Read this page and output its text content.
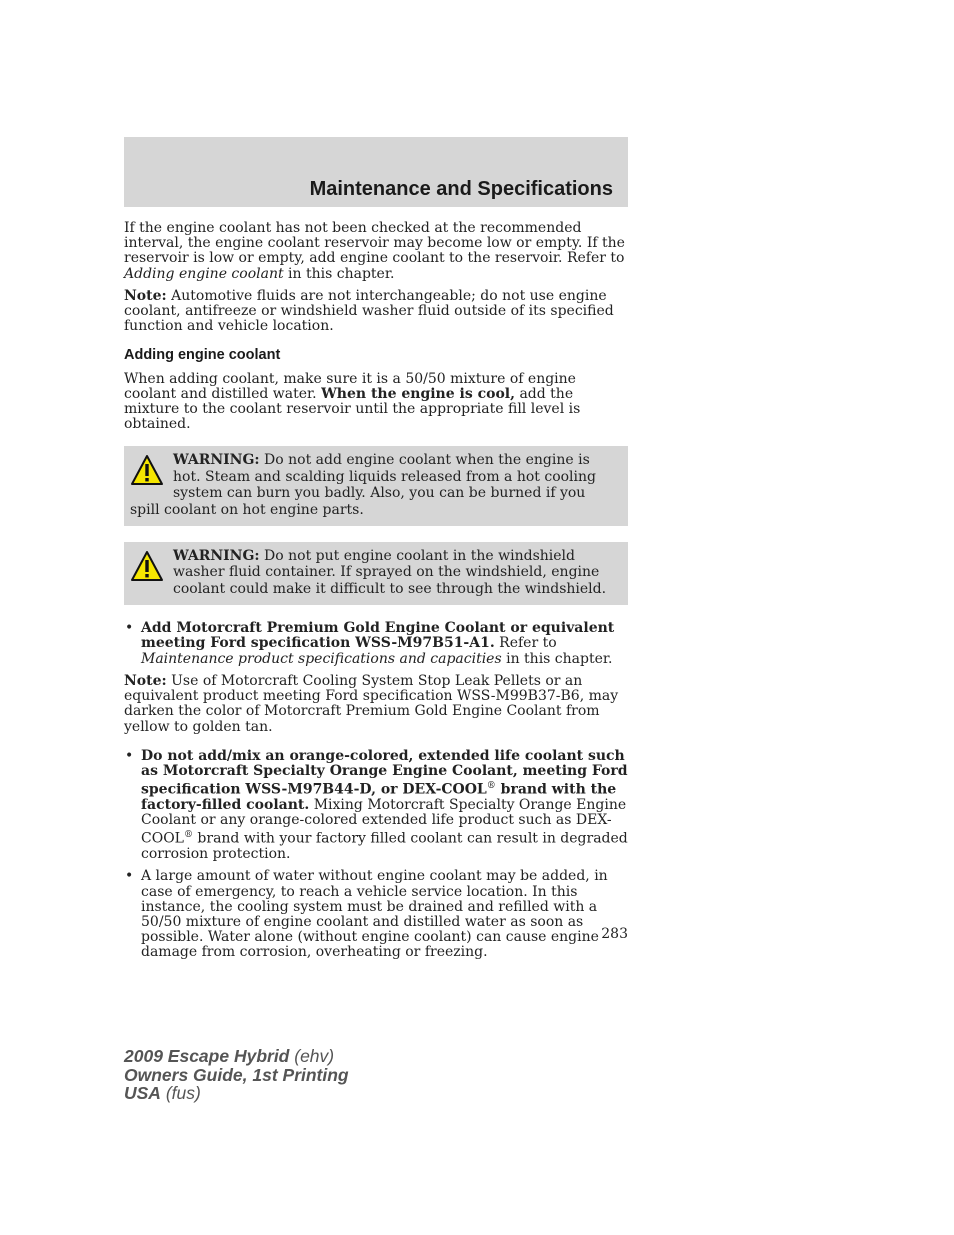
Maintenance and Specifications

If the engine coolant has not been checked at the recommended interval, the engine coolant reservoir may become low or empty. If the reservoir is low or empty, add engine coolant to the reservoir. Refer to Adding engine coolant in this chapter.

Note: Automotive fluids are not interchangeable; do not use engine coolant, antifreeze or windshield washer fluid outside of its specified function and vehicle location.

Adding engine coolant

When adding coolant, make sure it is a 50/50 mixture of engine coolant and distilled water. When the engine is cool, add the mixture to the coolant reservoir until the appropriate fill level is obtained.

WARNING: Do not add engine coolant when the engine is hot. Steam and scalding liquids released from a hot cooling system can burn you badly. Also, you can be burned if you spill coolant on hot engine parts.
WARNING: Do not put engine coolant in the windshield washer fluid container. If sprayed on the windshield, engine coolant could make it difficult to see through the windshield.
• Add Motorcraft Premium Gold Engine Coolant or equivalent meeting Ford specification WSS-M97B51-A1. Refer to Maintenance product specifications and capacities in this chapter.

Note: Use of Motorcraft Cooling System Stop Leak Pellets or an equivalent product meeting Ford specification WSS-M99B37-B6, may darken the color of Motorcraft Premium Gold Engine Coolant from yellow to golden tan.

• Do not add/mix an orange-colored, extended life coolant such as Motorcraft Specialty Orange Engine Coolant, meeting Ford specification WSS-M97B44-D, or DEX-COOL® brand with the factory-filled coolant. Mixing Motorcraft Specialty Orange Engine Coolant or any orange-colored extended life product such as DEX-COOL® brand with your factory filled coolant can result in degraded corrosion protection.
• A large amount of water without engine coolant may be added, in case of emergency, to reach a vehicle service location. In this instance, the cooling system must be drained and refilled with a 50/50 mixture of engine coolant and distilled water as soon as possible. Water alone (without engine coolant) can cause engine damage from corrosion, overheating or freezing.
283
2009 Escape Hybrid (ehv)
Owners Guide, 1st Printing
USA (fus)
